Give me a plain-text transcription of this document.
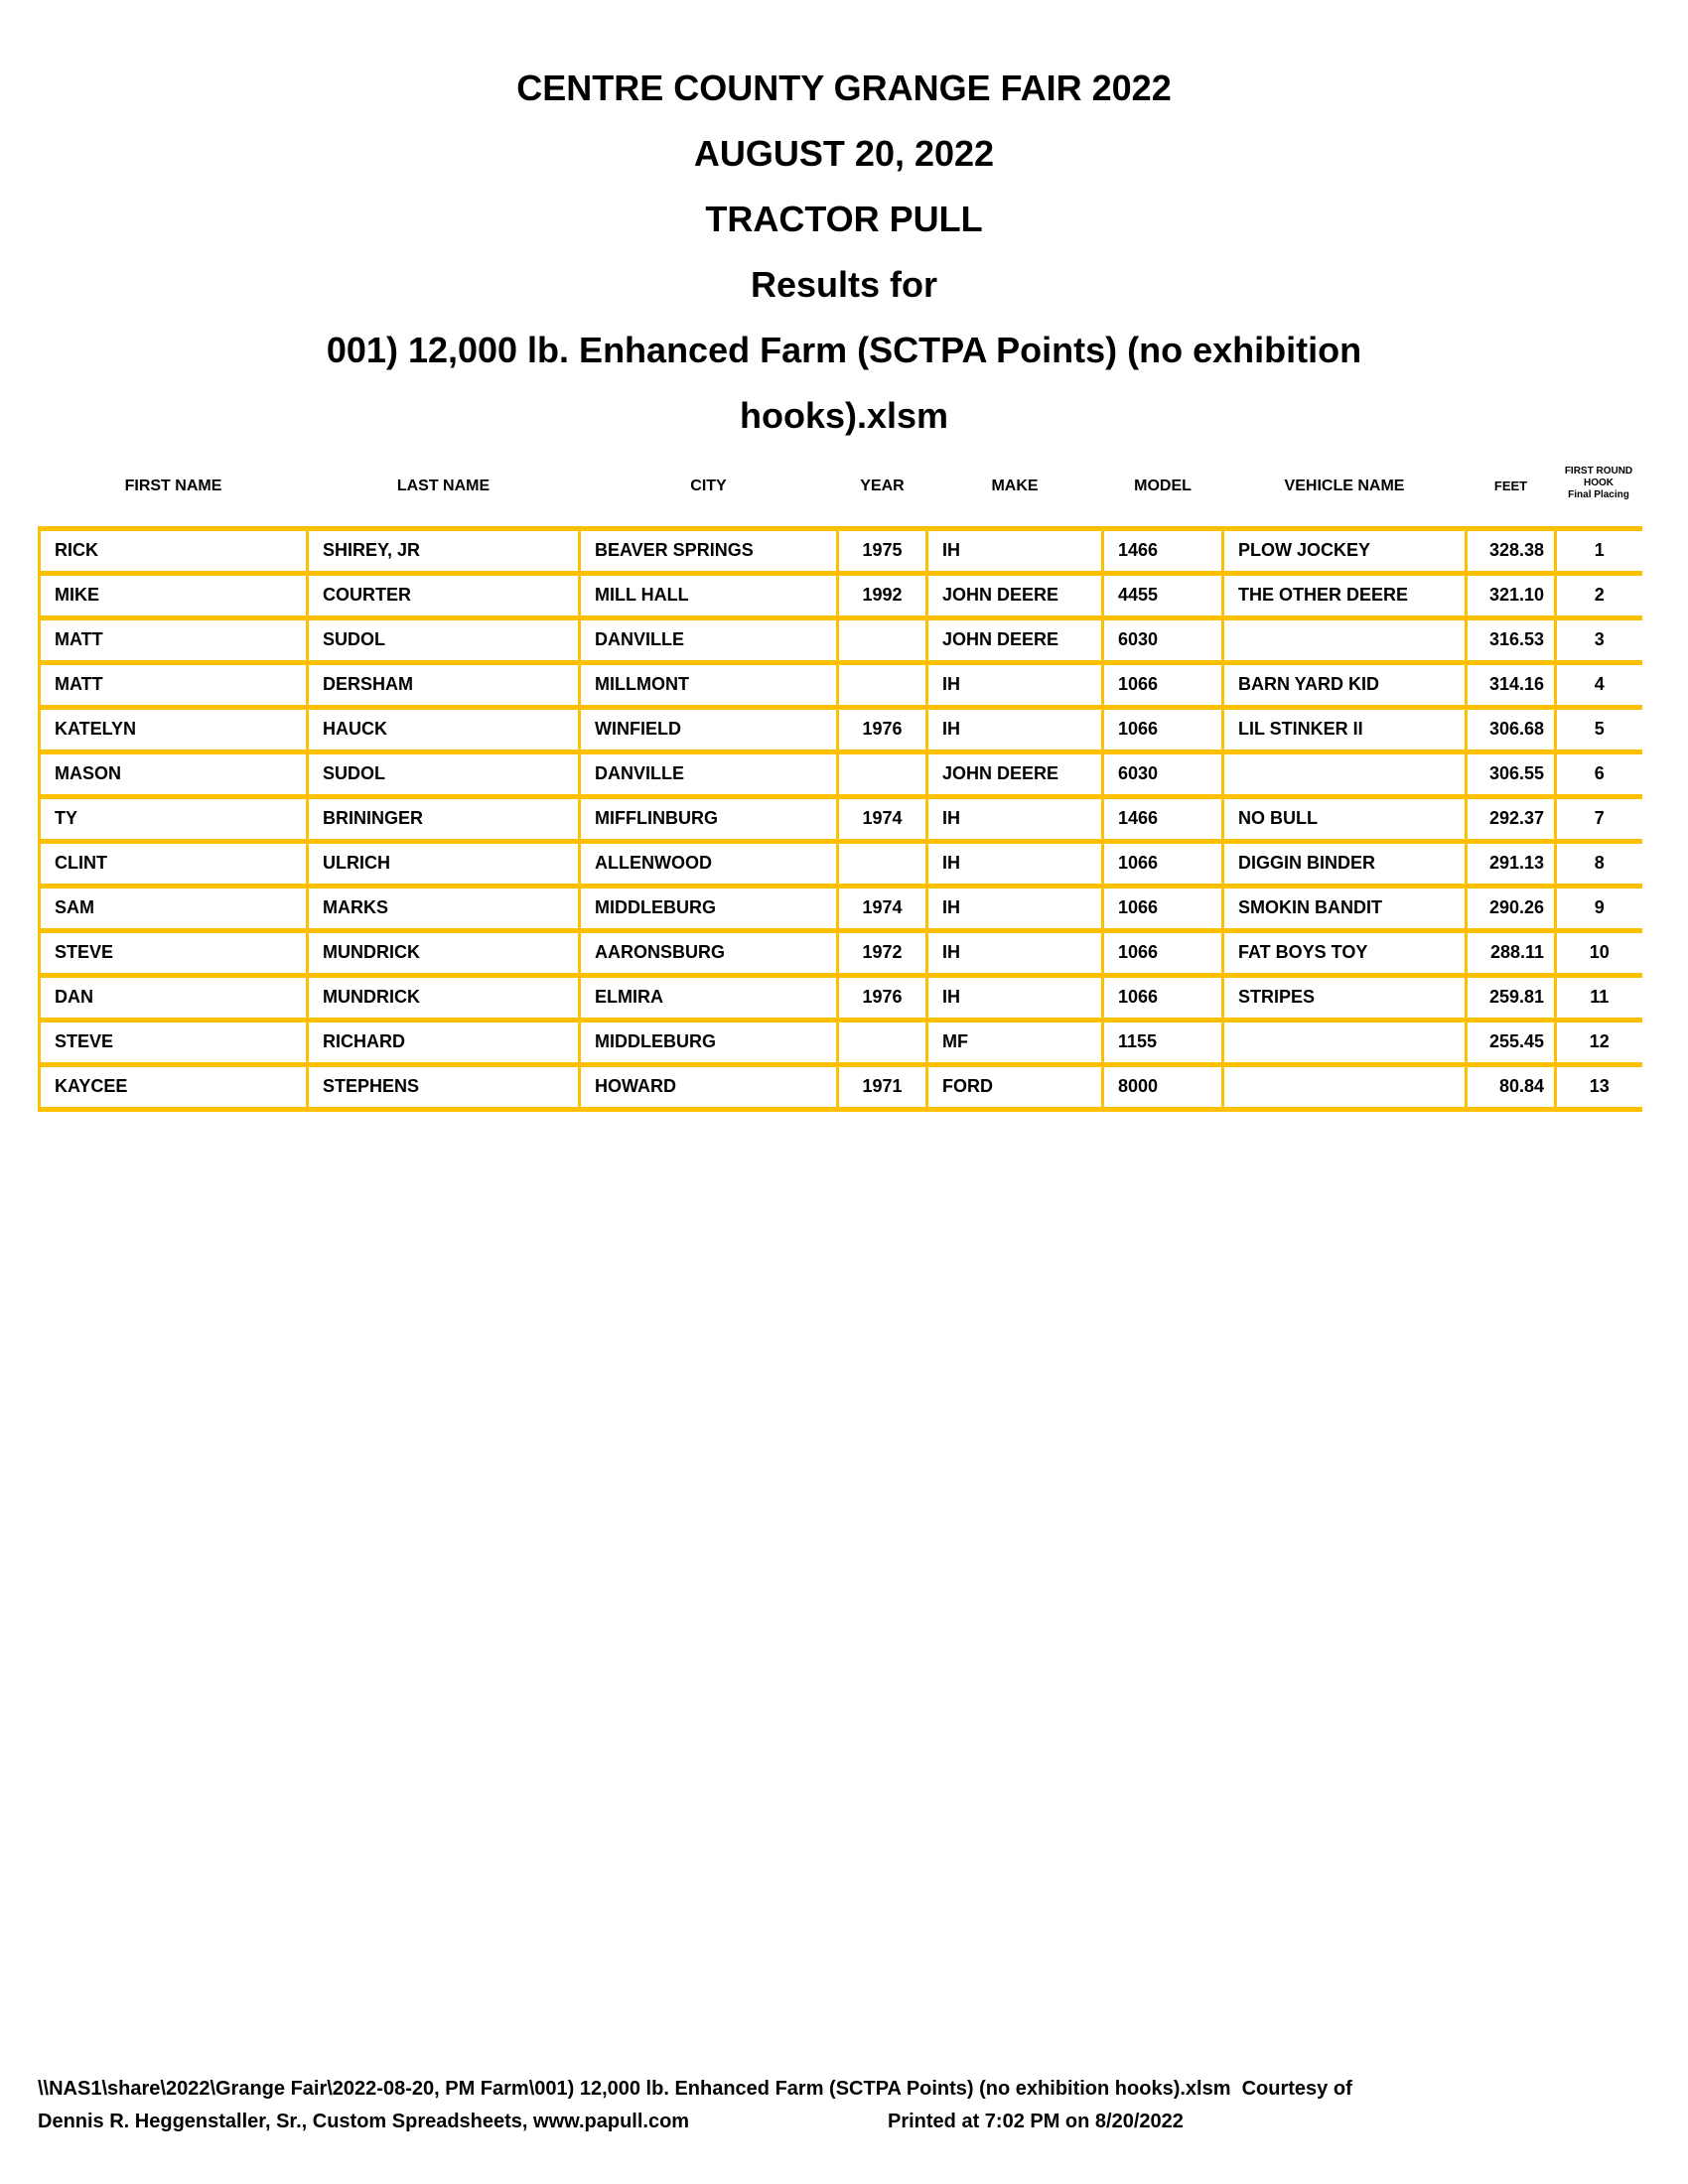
CENTRE COUNTY GRANGE FAIR 2022
AUGUST 20, 2022
TRACTOR PULL
Results for
001) 12,000 lb. Enhanced Farm (SCTPA Points) (no exhibition
hooks).xlsm
FIRST NAME	LAST NAME	CITY	YEAR	MAKE	MODEL	VEHICLE NAME	FEET	FIRST ROUND
HOOK
Final Placing

RICK	SHIREY, JR	BEAVER SPRINGS	1975	IH	1466	PLOW JOCKEY	328.38	1
MIKE	COURTER	MILL HALL	1992	JOHN DEERE	4455	THE OTHER DEERE	321.10	2
MATT	SUDOL	DANVILLE		JOHN DEERE	6030		316.53	3
MATT	DERSHAM	MILLMONT		IH	1066	BARN YARD KID	314.16	4
KATELYN	HAUCK	WINFIELD	1976	IH	1066	LIL STINKER II	306.68	5
MASON	SUDOL	DANVILLE		JOHN DEERE	6030		306.55	6
TY	BRININGER	MIFFLINBURG	1974	IH	1466	NO BULL	292.37	7
CLINT	ULRICH	ALLENWOOD		IH	1066	DIGGIN BINDER	291.13	8
SAM	MARKS	MIDDLEBURG	1974	IH	1066	SMOKIN BANDIT	290.26	9
STEVE	MUNDRICK	AARONSBURG	1972	IH	1066	FAT BOYS TOY	288.11	10
DAN	MUNDRICK	ELMIRA	1976	IH	1066	STRIPES	259.81	11
STEVE	RICHARD	MIDDLEBURG		MF	1155		255.45	12
KAYCEE	STEPHENS	HOWARD	1971	FORD	8000		80.84	13
\\NAS1\share\2022\Grange Fair\2022-08-20, PM Farm\001) 12,000 lb. Enhanced Farm (SCTPA Points) (no exhibition hooks).xlsm  Courtesy of
Dennis R. Heggenstaller, Sr., Custom Spreadsheets, www.papull.com	Printed at 7:02 PM on 8/20/2022
